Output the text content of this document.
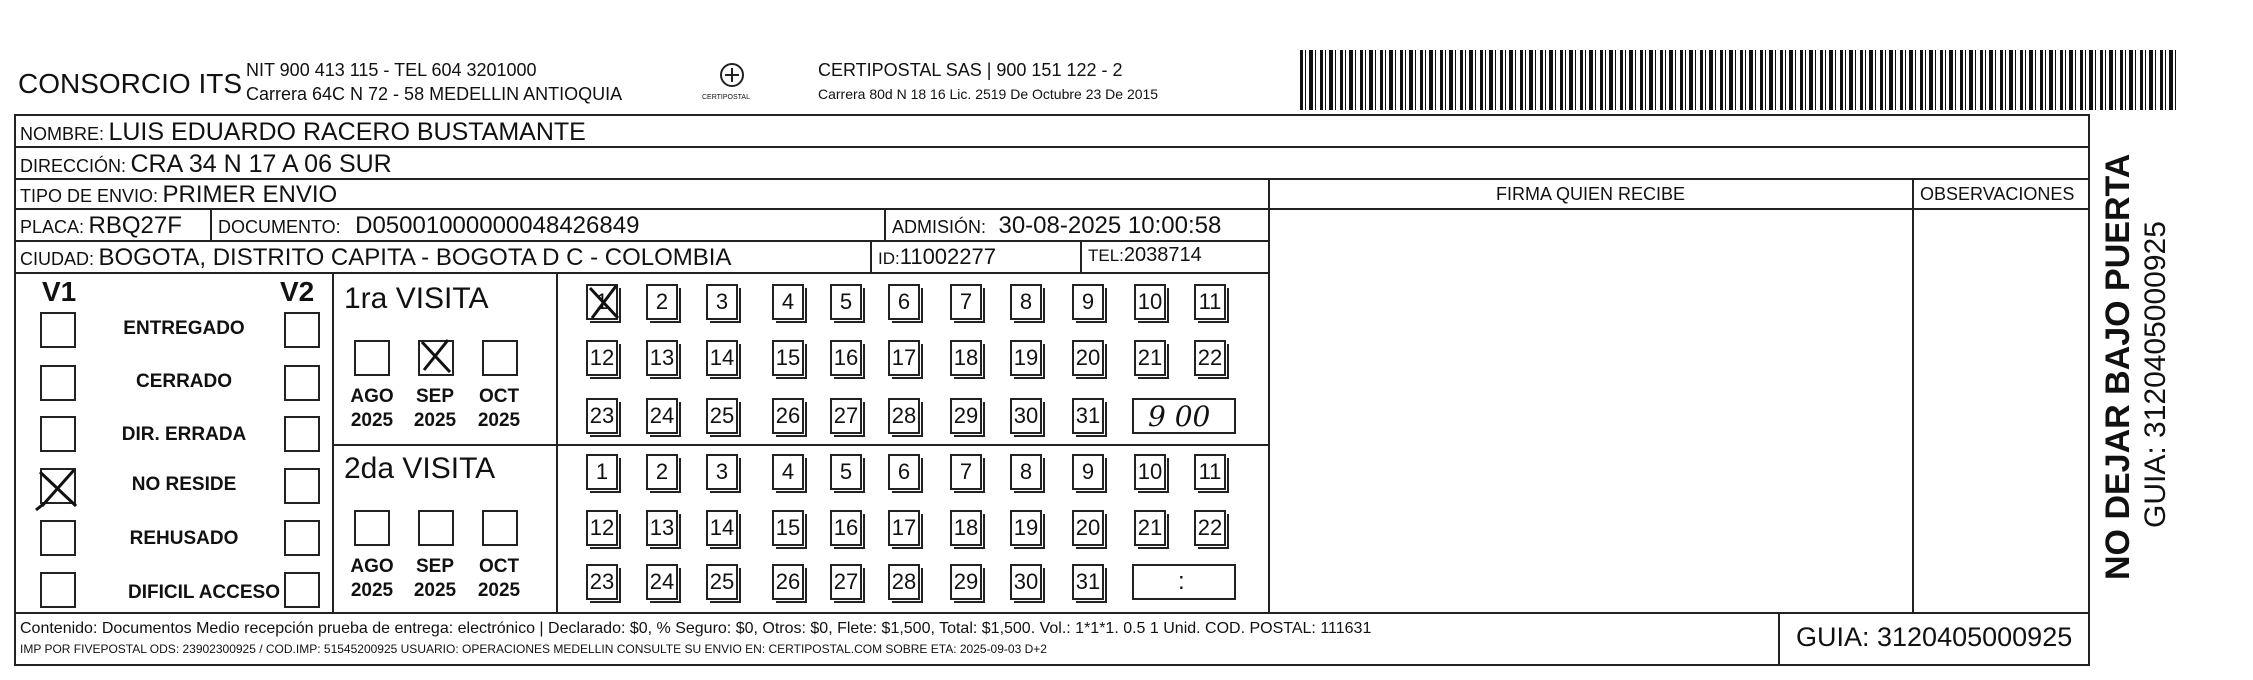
CONSORCIO ITS NIT 900 413 115 - TEL 604 3201000
Carrera 64C N 72 - 58 MEDELLIN ANTIOQUIA	CERTIPOSTAL
CERTIPOSTAL SAS | 900 151 122 - 2
Carrera 80d N 18 16 Lic. 2519 De Octubre 23 De 2015
NOMBRE: LUIS EDUARDO RACERO BUSTAMANTE
DIRECCIÓN: CRA 34 N 17 A 06 SUR
TIPO DE ENVIO: PRIMER ENVIO	FIRMA QUIEN RECIBE	OBSERVACIONES
PLACA: RBQ27F DOCUMENTO: D05001000000048426849	ADMISIÓN: 30-08-2025 10:00:58
CIUDAD: BOGOTA, DISTRITO CAPITA - BOGOTA D C - COLOMBIA	ID:11002277	TEL:2038714
V1	V2
ENTREGADO
CERRADO
DIR. ERRADA
NO RESIDE
REHUSADO
DIFICIL ACCESO
1ra VISITA
AGO	SEP	OCT
2025	2025	2025
1	2	3	4	5	6	7	8	9	10 11
12 13 14 15 16 17 18 19 20 21 22
23 24 25 26 27 28 29 30 31 9 00
2da VISITA
AGO	SEP	OCT
2025	2025	2025
1	2	3	4	5	6	7	8	9	10 11
12 13 14 15 16 17 18 19 20 21 22
23 24 25 26 27 28 29 30 31	:
Contenido: Documentos Medio recepción prueba de entrega: electrónico | Declarado: $0, % Seguro: $0, Otros: $0, Flete: $1,500, Total: $1,500. Vol.: 1*1*1. 0.5 1 Unid. COD. POSTAL: 111631
IMP POR FIVEPOSTAL ODS: 23902300925 / COD.IMP: 51545200925 USUARIO: OPERACIONES MEDELLIN CONSULTE SU ENVIO EN: CERTIPOSTAL.COM SOBRE ETA: 2025-09-03 D+2	GUIA: 3120405000925
NO DEJAR BAJO PUERTA GUIA: 3120405000925
